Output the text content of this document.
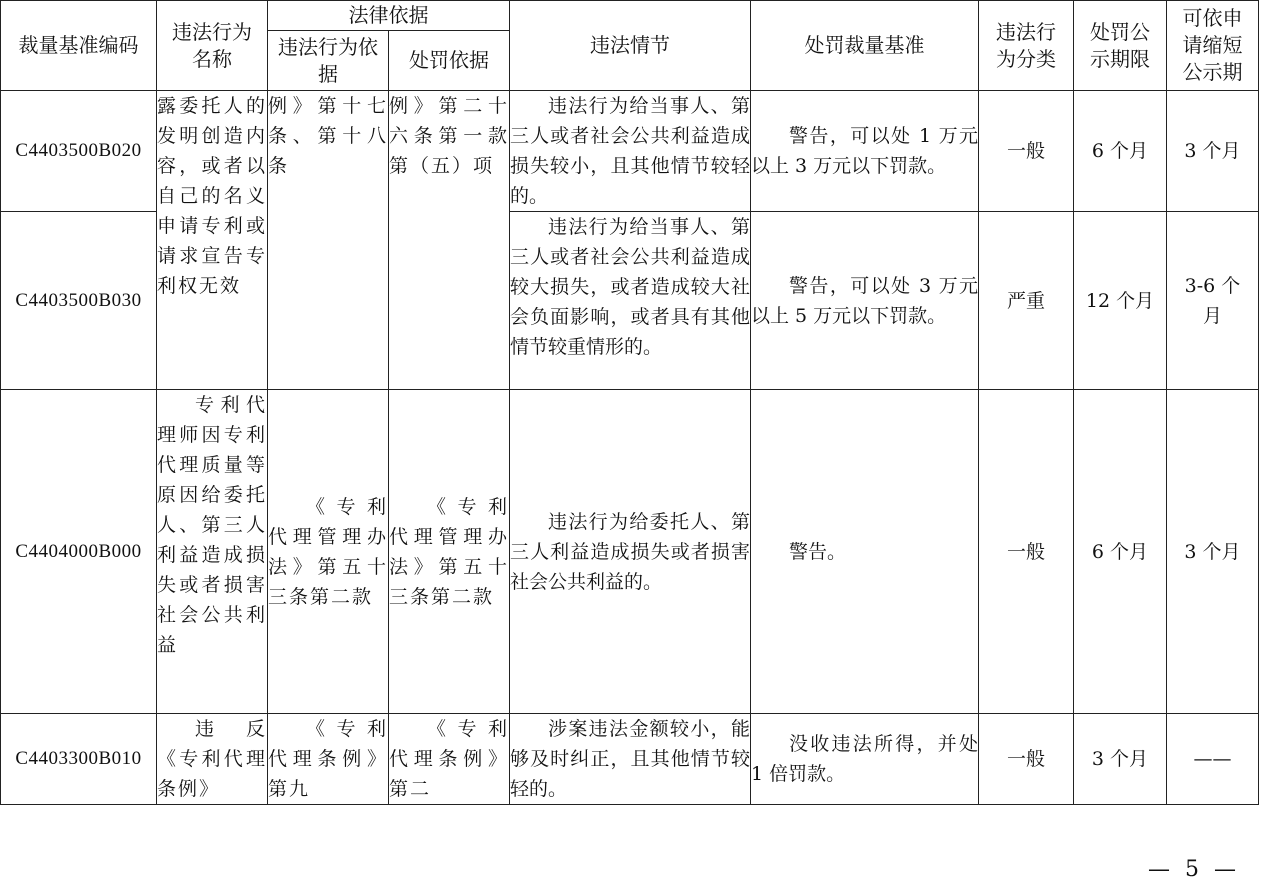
裁量基准编码	违法行为名称	法律依据		违法情节	处罚裁量基准	违法行为分类	处罚公示期限	可依申请缩短公示期
		违法行为依据	处罚依据					
C4403500B020	露委托人的发明创造内容，或者以自己的名义申请专利或请求宣告专利权无效	例》第十七条、第十八条	例》第二十六条第一款第（五）项	违法行为给当事人、第三人或者社会公共利益造成损失较小，且其他情节较轻的。	警告，可以处 1 万元以上 3 万元以下罚款。	一般	6 个月	3 个月
C4403500B030				违法行为给当事人、第三人或者社会公共利益造成较大损失，或者造成较大社会负面影响，或者具有其他情节较重情形的。	警告，可以处 3 万元以上 5 万元以下罚款。	严重	12 个月	3-6 个月
C4404000B000	专利代理师因专利代理质量等原因给委托人、第三人利益造成损失或者损害社会公共利益	《专利代理管理办法》第五十三条第二款	《专利代理管理办法》第五十三条第二款	违法行为给委托人、第三人利益造成损失或者损害社会公共利益的。	警告。	一般	6 个月	3 个月
C4403300B010	违反《专利代理条例》	《专利代理条例》第九	《专利代理条例》第二	涉案违法金额较小，能够及时纠正，且其他情节较轻的。	没收违法所得，并处 1 倍罚款。	一般	3 个月	——
— 5 —
